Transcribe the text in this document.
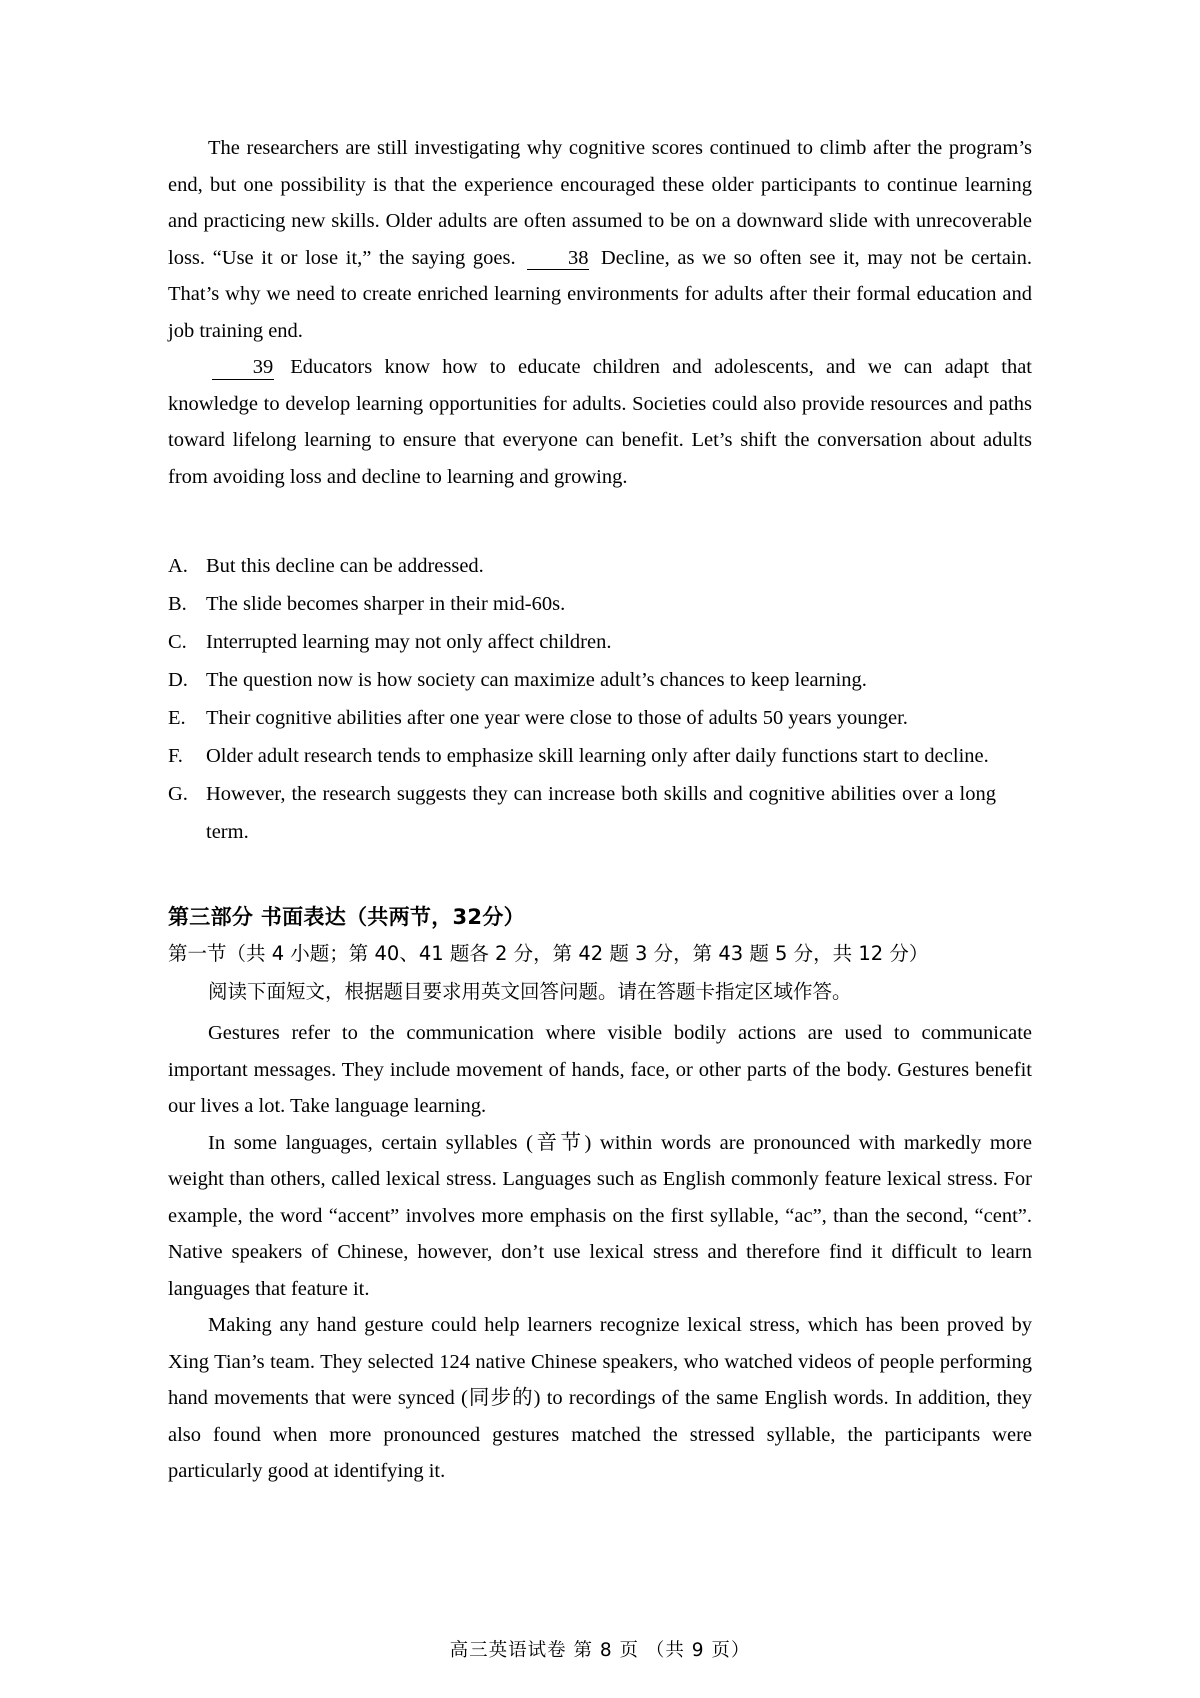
The researchers are still investigating why cognitive scores continued to climb after the program’s end, but one possibility is that the experience encouraged these older participants to continue learning and practicing new skills. Older adults are often assumed to be on a downward slide with unrecoverable loss. “Use it or lose it,” the saying goes.	38 Decline, as we so often see it, may not be certain. That’s why we need to create enriched learning environments for adults after their formal education and job training end.

39 Educators know how to educate children and adolescents, and we can adapt that knowledge to develop learning opportunities for adults. Societies could also provide resources and paths toward lifelong learning to ensure that everyone can benefit. Let’s shift the conversation about adults from avoiding loss and decline to learning and growing.

A. But this decline can be addressed.
B. The slide becomes sharper in their mid-60s.
C. Interrupted learning may not only affect children.
D. The question now is how society can maximize adult’s chances to keep learning.
E. Their cognitive abilities after one year were close to those of adults 50 years younger.
F.	Older adult research tends to emphasize skill learning only after daily functions start to decline.
G. However, the research suggests they can increase both skills and cognitive abilities over a long term.
第三部分 书面表达（共两节，32分）
第一节（共 4 小题；第 40、41 题各 2 分，第 42 题 3 分，第 43 题 5 分，共 12 分）
阅读下面短文，根据题目要求用英文回答问题。请在答题卡指定区域作答。

Gestures refer to the communication where visible bodily actions are used to communicate important messages. They include movement of hands, face, or other parts of the body. Gestures benefit our lives a lot. Take language learning.

In some languages, certain syllables (音节) within words are pronounced with markedly more weight than others, called lexical stress. Languages such as English commonly feature lexical stress. For example, the word “accent” involves more emphasis on the first syllable, “ac”, than the second, “cent”. Native speakers of Chinese, however, don’t use lexical stress and therefore find it difficult to learn languages that feature it.

Making any hand gesture could help learners recognize lexical stress, which has been proved by Xing Tian’s team. They selected 124 native Chinese speakers, who watched videos of people performing hand movements that were synced (同步的) to recordings of the same English words. In addition, they also found when more pronounced gestures matched the stressed syllable, the participants were particularly good at identifying it.

高三英语试卷 第 8 页 （共 9 页）
